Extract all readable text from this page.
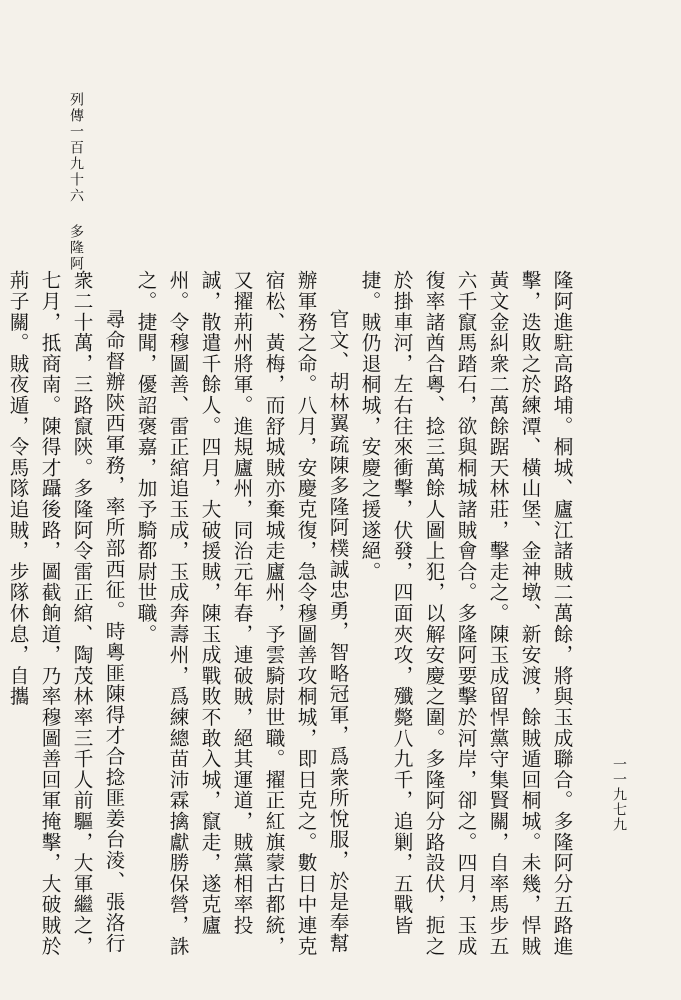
列傳一百九十六多隆阿

隆阿進駐高路埔。桐城、廬江諸賊二萬餘，將與玉成聯合。多隆阿分五路進擊，迭敗之於練潭、橫山堡、金神墩、新安渡，餘賊遁回桐城。未幾，悍賊黃文金糾衆二萬餘踞天林莊，擊走之。陳玉成留悍黨守集賢關，自率馬步五六千竄馬踏石，欲與桐城諸賊會合。多隆阿要擊於河岸，卻之。四月，玉成復率諸酋合粵、捻三萬餘人圖上犯，以解安慶之圍。多隆阿分路設伏，扼之於掛車河，左右往來衝擊，伏發，四面夾攻，殲斃八九千，追剿，五戰皆捷。賊仍退桐城，安慶之援遂絕。

官文、胡林翼疏陳多隆阿樸誠忠勇，智略冠軍，爲衆所悅服，於是奉幫辦軍務之命。八月，安慶克復，急令穆圖善攻桐城，即日克之。數日中連克宿松、黃梅，而舒城賊亦棄城走廬州，予雲騎尉世職。擢正紅旗蒙古都統，又擢荊州將軍。進規廬州，同治元年春，連破賊，絕其運道，賊黨相率投誠，散遣千餘人。四月，大破援賊，陳玉成戰敗不敢入城，竄走，遂克廬州。令穆圖善、雷正綰追玉成，玉成奔壽州，爲練總苗沛霖擒獻勝保營，誅之。捷聞，優詔褒嘉，加予騎都尉世職。

尋命督辦陝西軍務，率所部西征。時粵匪陳得才合捻匪姜台淩、張洛行衆二十萬，三路竄陝。多隆阿令雷正綰、陶茂林率三千人前驅，大軍繼之，七月，抵商南。陳得才躡後路，圖截餉道，乃率穆圖善回軍掩擊，大破賊於荊子關。賊夜遁，令馬隊追賊，步隊休息，自攜

一一九七九
